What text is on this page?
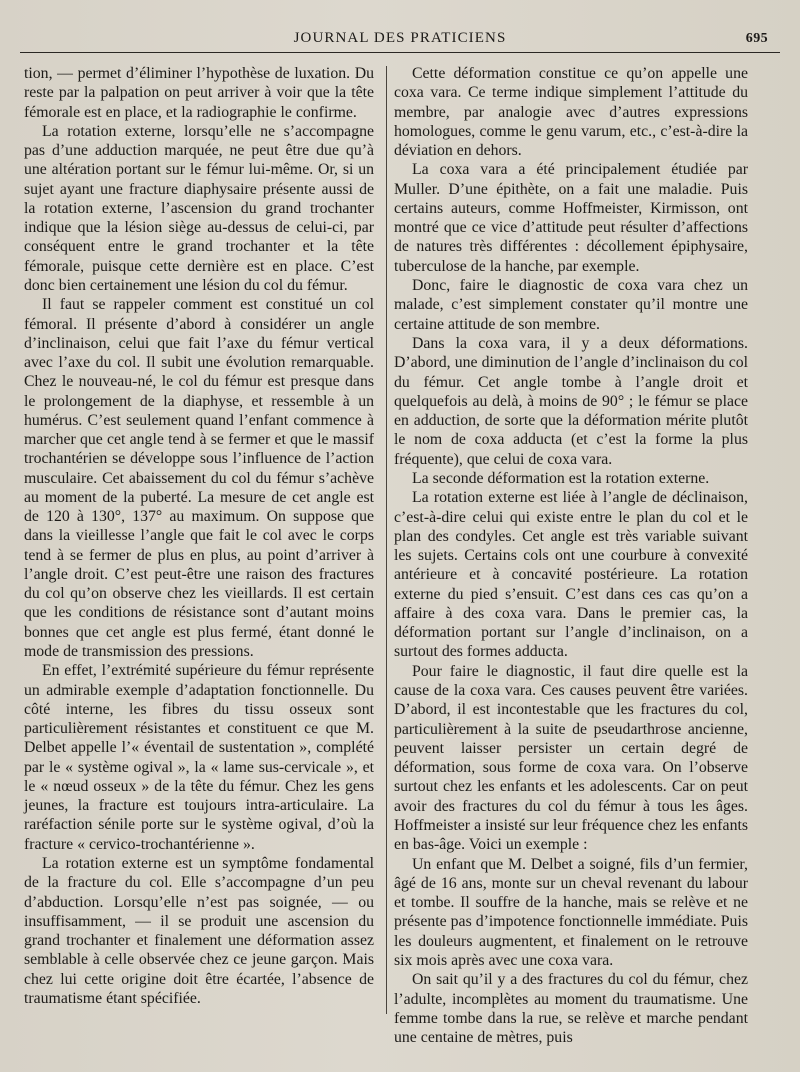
JOURNAL DES PRATICIENS	695

tion, — permet d’éliminer l’hypothèse de luxation. Du reste par la palpation on peut arriver à voir que la tête fémorale est en place, et la radiographie le confirme.

La rotation externe, lorsqu’elle ne s’accompagne pas d’une adduction marquée, ne peut être due qu’à une altération portant sur le fémur lui-même. Or, si un sujet ayant une fracture diaphysaire présente aussi de la rotation externe, l’ascension du grand trochanter indique que la lésion siège au-dessus de celui-ci, par conséquent entre le grand trochanter et la tête fémorale, puisque cette dernière est en place. C’est donc bien certainement une lésion du col du fémur.

Il faut se rappeler comment est constitué un col fémoral. Il présente d’abord à considérer un angle d’inclinaison, celui que fait l’axe du fémur vertical avec l’axe du col. Il subit une évolution remarquable. Chez le nouveau-né, le col du fémur est presque dans le prolongement de la diaphyse, et ressemble à un humérus. C’est seulement quand l’enfant commence à marcher que cet angle tend à se fermer et que le massif trochantérien se développe sous l’influence de l’action musculaire. Cet abaissement du col du fémur s’achève au moment de la puberté. La mesure de cet angle est de 120 à 130°, 137° au maximum. On suppose que dans la vieillesse l’angle que fait le col avec le corps tend à se fermer de plus en plus, au point d’arriver à l’angle droit. C’est peut-être une raison des fractures du col qu’on observe chez les vieillards. Il est certain que les conditions de résistance sont d’autant moins bonnes que cet angle est plus fermé, étant donné le mode de transmission des pressions.

En effet, l’extrémité supérieure du fémur représente un admirable exemple d’adaptation fonctionnelle. Du côté interne, les fibres du tissu osseux sont particulièrement résistantes et constituent ce que M. Delbet appelle l’« éventail de sustentation », complété par le « système ogival », la « lame sus-cervicale », et le « nœud osseux » de la tête du fémur. Chez les gens jeunes, la fracture est toujours intra-articulaire. La raréfaction sénile porte sur le système ogival, d’où la fracture « cervico-trochantérienne ».

La rotation externe est un symptôme fondamental de la fracture du col. Elle s’accompagne d’un peu d’abduction. Lorsqu’elle n’est pas soignée, — ou insuffisamment, — il se produit une ascension du grand trochanter et finalement une déformation assez semblable à celle observée chez ce jeune garçon. Mais chez lui cette origine doit être écartée, l’absence de traumatisme étant spécifiée.

Cette déformation constitue ce qu’on appelle une coxa vara. Ce terme indique simplement l’attitude du membre, par analogie avec d’autres expressions homologues, comme le genu varum, etc., c’est-à-dire la déviation en dehors.

La coxa vara a été principalement étudiée par Muller. D’une épithète, on a fait une maladie. Puis certains auteurs, comme Hoffmeister, Kirmisson, ont montré que ce vice d’attitude peut résulter d’affections de natures très différentes : décollement épiphysaire, tuberculose de la hanche, par exemple.

Donc, faire le diagnostic de coxa vara chez un malade, c’est simplement constater qu’il montre une certaine attitude de son membre.

Dans la coxa vara, il y a deux déformations. D’abord, une diminution de l’angle d’inclinaison du col du fémur. Cet angle tombe à l’angle droit et quelquefois au delà, à moins de 90° ; le fémur se place en adduction, de sorte que la déformation mérite plutôt le nom de coxa adducta (et c’est la forme la plus fréquente), que celui de coxa vara.

La seconde déformation est la rotation externe.

La rotation externe est liée à l’angle de déclinaison, c’est-à-dire celui qui existe entre le plan du col et le plan des condyles. Cet angle est très variable suivant les sujets. Certains cols ont une courbure à convexité antérieure et à concavité postérieure. La rotation externe du pied s’ensuit. C’est dans ces cas qu’on a affaire à des coxa vara. Dans le premier cas, la déformation portant sur l’angle d’inclinaison, on a surtout des formes adducta.

Pour faire le diagnostic, il faut dire quelle est la cause de la coxa vara. Ces causes peuvent être variées. D’abord, il est incontestable que les fractures du col, particulièrement à la suite de pseudarthrose ancienne, peuvent laisser persister un certain degré de déformation, sous forme de coxa vara. On l’observe surtout chez les enfants et les adolescents. Car on peut avoir des fractures du col du fémur à tous les âges. Hoffmeister a insisté sur leur fréquence chez les enfants en bas-âge. Voici un exemple :

Un enfant que M. Delbet a soigné, fils d’un fermier, âgé de 16 ans, monte sur un cheval revenant du labour et tombe. Il souffre de la hanche, mais se relève et ne présente pas d’impotence fonctionnelle immédiate. Puis les douleurs augmentent, et finalement on le retrouve six mois après avec une coxa vara.

On sait qu’il y a des fractures du col du fémur, chez l’adulte, incomplètes au moment du traumatisme. Une femme tombe dans la rue, se relève et marche pendant une centaine de mètres, puis
